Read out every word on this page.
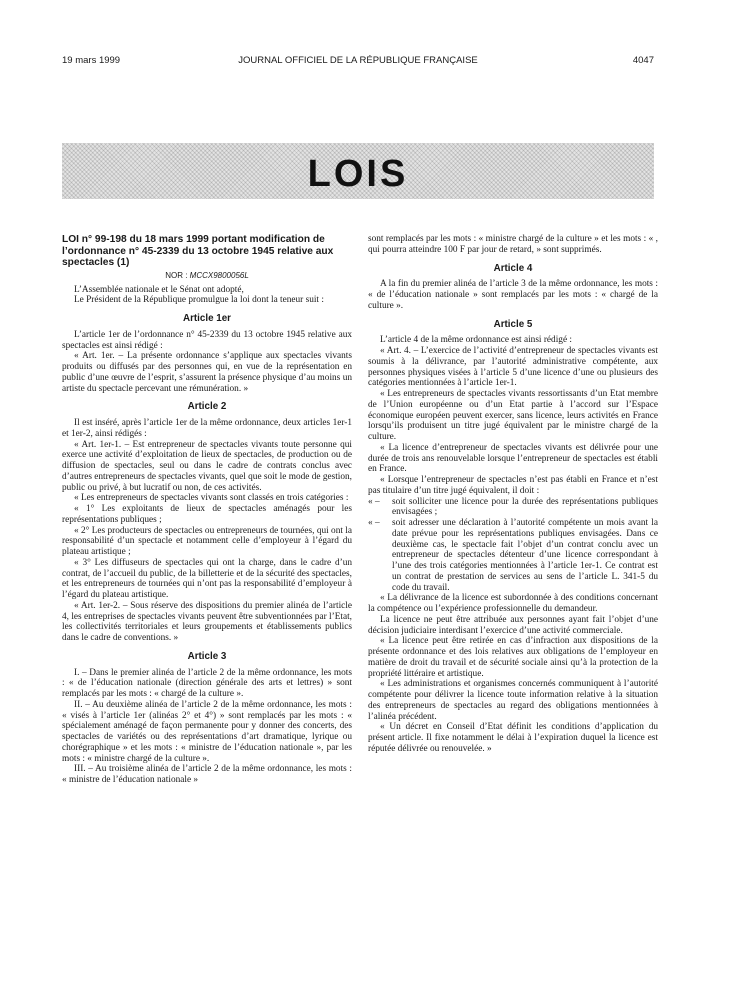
19 mars 1999	JOURNAL OFFICIEL DE LA RÉPUBLIQUE FRANÇAISE	4047
LOIS

LOI n° 99-198 du 18 mars 1999 portant modification de l’ordonnance n° 45-2339 du 13 octobre 1945 relative aux spectacles (1)

NOR : MCCX9800056L

L’Assemblée nationale et le Sénat ont adopté,

Le Président de la République promulgue la loi dont la teneur suit :

Article 1er

L’article 1er de l’ordonnance n° 45-2339 du 13 octobre 1945 relative aux spectacles est ainsi rédigé :

« Art. 1er. – La présente ordonnance s’applique aux spectacles vivants produits ou diffusés par des personnes qui, en vue de la représentation en public d’une œuvre de l’esprit, s’assurent la présence physique d’au moins un artiste du spectacle percevant une rémunération. »

Article 2

Il est inséré, après l’article 1er de la même ordonnance, deux articles 1er-1 et 1er-2, ainsi rédigés :

« Art. 1er-1. – Est entrepreneur de spectacles vivants toute personne qui exerce une activité d’exploitation de lieux de spectacles, de production ou de diffusion de spectacles, seul ou dans le cadre de contrats conclus avec d’autres entrepreneurs de spectacles vivants, quel que soit le mode de gestion, public ou privé, à but lucratif ou non, de ces activités.

« Les entrepreneurs de spectacles vivants sont classés en trois catégories :

« 1° Les exploitants de lieux de spectacles aménagés pour les représentations publiques ;

« 2° Les producteurs de spectacles ou entrepreneurs de tournées, qui ont la responsabilité d’un spectacle et notamment celle d’employeur à l’égard du plateau artistique ;

« 3° Les diffuseurs de spectacles qui ont la charge, dans le cadre d’un contrat, de l’accueil du public, de la billetterie et de la sécurité des spectacles, et les entrepreneurs de tournées qui n’ont pas la responsabilité d’employeur à l’égard du plateau artistique.

« Art. 1er-2. – Sous réserve des dispositions du premier alinéa de l’article 4, les entreprises de spectacles vivants peuvent être subventionnées par l’Etat, les collectivités territoriales et leurs groupements et établissements publics dans le cadre de conventions. »

Article 3

I. – Dans le premier alinéa de l’article 2 de la même ordonnance, les mots : « de l’éducation nationale (direction générale des arts et lettres) » sont remplacés par les mots : « chargé de la culture ».

II. – Au deuxième alinéa de l’article 2 de la même ordonnance, les mots : « visés à l’article 1er (alinéas 2° et 4°) » sont remplacés par les mots : « spécialement aménagé de façon permanente pour y donner des concerts, des spectacles de variétés ou des représentations d’art dramatique, lyrique ou chorégraphique » et les mots : « ministre de l’éducation nationale », par les mots : « ministre chargé de la culture ».

III. – Au troisième alinéa de l’article 2 de la même ordonnance, les mots : « ministre de l’éducation nationale »

sont remplacés par les mots : « ministre chargé de la culture » et les mots : « , qui pourra atteindre 100 F par jour de retard, » sont supprimés.

Article 4

A la fin du premier alinéa de l’article 3 de la même ordonnance, les mots : « de l’éducation nationale » sont remplacés par les mots : « chargé de la culture ».

Article 5

L’article 4 de la même ordonnance est ainsi rédigé :

« Art. 4. – L’exercice de l’activité d’entrepreneur de spectacles vivants est soumis à la délivrance, par l’autorité administrative compétente, aux personnes physiques visées à l’article 5 d’une licence d’une ou plusieurs des catégories mentionnées à l’article 1er-1.

« Les entrepreneurs de spectacles vivants ressortissants d’un Etat membre de l’Union européenne ou d’un Etat partie à l’accord sur l’Espace économique européen peuvent exercer, sans licence, leurs activités en France lorsqu’ils produisent un titre jugé équivalent par le ministre chargé de la culture.

« La licence d’entrepreneur de spectacles vivants est délivrée pour une durée de trois ans renouvelable lorsque l’entrepreneur de spectacles est établi en France.

« Lorsque l’entrepreneur de spectacles n’est pas établi en France et n’est pas titulaire d’un titre jugé équivalent, il doit :

« – soit solliciter une licence pour la durée des représentations publiques envisagées ;
« – soit adresser une déclaration à l’autorité compétente un mois avant la date prévue pour les représentations publiques envisagées. Dans ce deuxième cas, le spectacle fait l’objet d’un contrat conclu avec un entrepreneur de spectacles détenteur d’une licence correspondant à l’une des trois catégories mentionnées à l’article 1er-1. Ce contrat est un contrat de prestation de services au sens de l’article L. 341-5 du code du travail.

« La délivrance de la licence est subordonnée à des conditions concernant la compétence ou l’expérience professionnelle du demandeur.

La licence ne peut être attribuée aux personnes ayant fait l’objet d’une décision judiciaire interdisant l’exercice d’une activité commerciale.

« La licence peut être retirée en cas d’infraction aux dispositions de la présente ordonnance et des lois relatives aux obligations de l’employeur en matière de droit du travail et de sécurité sociale ainsi qu’à la protection de la propriété littéraire et artistique.

« Les administrations et organismes concernés communiquent à l’autorité compétente pour délivrer la licence toute information relative à la situation des entrepreneurs de spectacles au regard des obligations mentionnées à l’alinéa précédent.

« Un décret en Conseil d’Etat définit les conditions d’application du présent article. Il fixe notamment le délai à l’expiration duquel la licence est réputée délivrée ou renouvelée. »
